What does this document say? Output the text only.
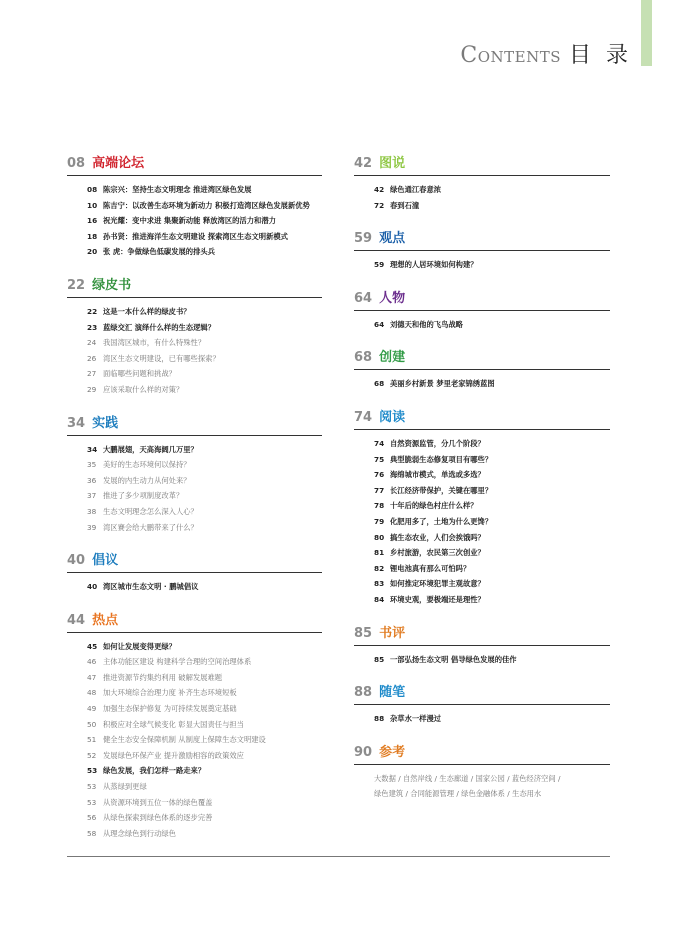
Contents 目 录
08 高端论坛
08 陈宗兴：坚持生态文明理念 推进湾区绿色发展
10 陈吉宁：以改善生态环境为新动力 积极打造湾区绿色发展新优势
16 祝光耀：变中求进 集聚新动能 释放湾区的活力和潜力
18 孙书贤：推进海洋生态文明建设 探索湾区生态文明新模式
20 张 虎：争做绿色低碳发展的排头兵
22 绿皮书
22 这是一本什么样的绿皮书？
23 蓝绿交汇 演绎什么样的生态逻辑？
24 我国湾区城市，有什么特殊性？
26 湾区生态文明建设，已有哪些探索？
27 面临哪些问题和挑战？
29 应该采取什么样的对策？
34 实践
34 大鹏展翅，天高海阔几万里？
35 美好的生态环境何以保持？
36 发展的内生动力从何处来？
37 推进了多少项制度改革？
38 生态文明理念怎么深入人心？
39 湾区賽会给大鹏带来了什么？
40 倡议
40 湾区城市生态文明 · 鹏城倡议
44 热点
45 如何让发展变得更绿？
46 主体功能区建设 构建科学合理的空间治理体系
47 推进资源节约集约利用 破解发展难题
48 加大环境综合治理力度 补齐生态环境短板
49 加强生态保护修复 为可持续发展奠定基础
50 积极应对全球气候变化 彰显大国责任与担当
51 健全生态安全保障机制 从制度上保障生态文明建设
52 发展绿色环保产业 提升激励相容的政策效应
53 绿色发展，我们怎样一路走来？
53 从蒸绿到更绿
53 从资源环境到五位一体的绿色覆盖
56 从绿色探索到绿色体系的逐步完善
58 从理念绿色到行动绿色
42 图说
42 绿色通江春意浓
72 春到石潼
59 观点
59 理想的人居环境如何构建？
64 人物
64 刘德天和他的飞鸟战略
68 创建
68 美丽乡村新景 梦里老家锦绣蓝图
74 阅读
74 自然资源监管，分几个阶段？
75 典型脆弱生态修复项目有哪些？
76 海绵城市模式，单选或多选？
77 长江经济带保护，关键在哪里？
78 十年后的绿色村庄什么样？
79 化肥用多了，土地为什么更馋？
80 搞生态农业，人们会挨饿吗？
81 乡村旅游，农民第三次创业？
82 锂电池真有那么可怕吗？
83 如何推定环境犯罪主观故意？
84 环境史观，要极端还是理性？
85 书评
85 一部弘扬生态文明 倡导绿色发展的佳作
88 随笔
88 杂草水一样漫过
90 参考
大数据 / 自然岸线 / 生态廊道 / 国家公园 / 蓝色经济空间 /
绿色建筑 / 合同能源管理 / 绿色金融体系 / 生态用水
